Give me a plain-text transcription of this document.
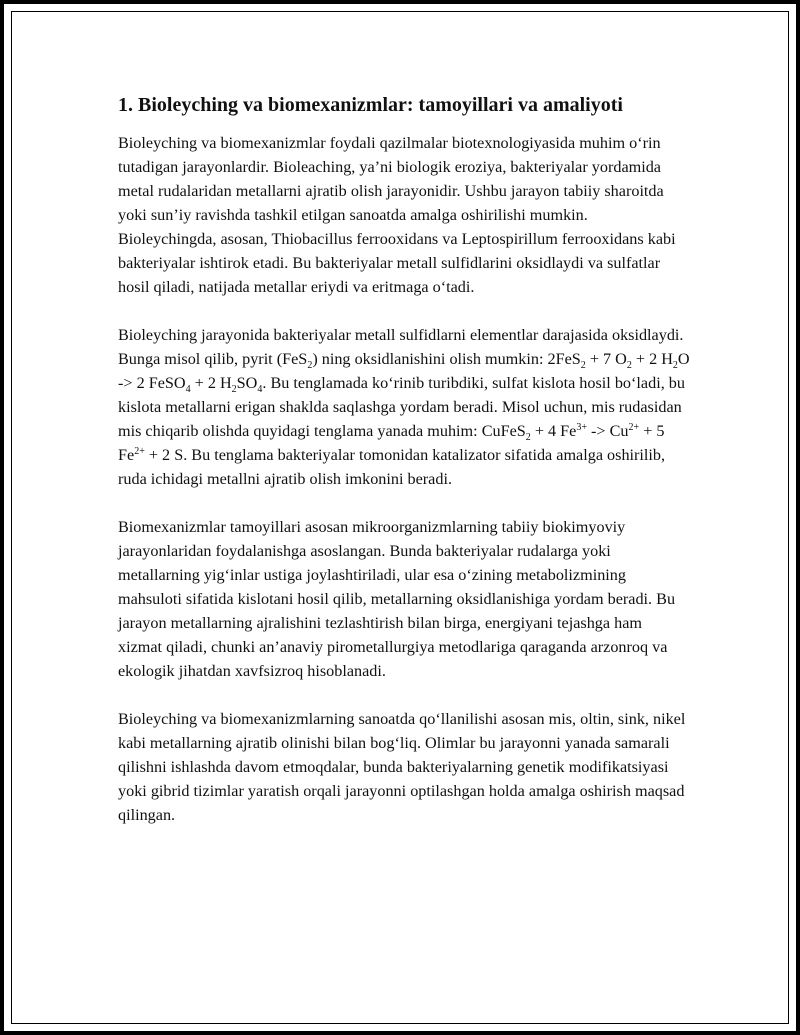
1. Bioleyching va biomexanizmlar: tamoyillari va amaliyoti

Bioleyching va biomexanizmlar foydali qazilmalar biotexnologiyasida muhim o‘rin tutadigan jarayonlardir. Bioleaching, ya’ni biologik eroziya, bakteriyalar yordamida metal rudalaridan metallarni ajratib olish jarayonidir. Ushbu jarayon tabiiy sharoitda yoki sun’iy ravishda tashkil etilgan sanoatda amalga oshirilishi mumkin. Bioleychingda, asosan, Thiobacillus ferrooxidans va Leptospirillum ferrooxidans kabi bakteriyalar ishtirok etadi. Bu bakteriyalar metall sulfidlarini oksidlaydi va sulfatlar hosil qiladi, natijada metallar eriydi va eritmaga o‘tadi.

Bioleyching jarayonida bakteriyalar metall sulfidlarni elementlar darajasida oksidlaydi. Bunga misol qilib, pyrit (FeS$_2$) ning oksidlanishini olish mumkin: 2FeS$_2$ + 7 $O_2 + 2$ $H_2O -> 2$ FeSO$_4$ + 2 $H_2SO_4$. Bu tenglamada ko‘rinib turibdiki, sulfat kislota hosil bo‘ladi, bu kislota metallarni erigan shaklda saqlashga yordam beradi. Misol uchun, mis rudasidan mis chiqarib olishda quyidagi tenglama yanada muhim: CuFeS$_2$ + 4 $Fe^{3+} -> Cu^{2+} + 5$ $Fe^{2+} + 2$ S. Bu tenglama bakteriyalar tomonidan katalizator sifatida amalga oshirilib, ruda ichidagi metallni ajratib olish imkonini beradi.

Biomexanizmlar tamoyillari asosan mikroorganizmlarning tabiiy biokimyoviy jarayonlaridan foydalanishga asoslangan. Bunda bakteriyalar rudalarga yoki metallarning yig‘inlar ustiga joylashtiriladi, ular esa o‘zining metabolizmining mahsuloti sifatida kislotani hosil qilib, metallarning oksidlanishiga yordam beradi. Bu jarayon metallarning ajralishini tezlashtirish bilan birga, energiyani tejashga ham xizmat qiladi, chunki an’anaviy pirometallurgiya metodlariga qaraganda arzonroq va ekologik jihatdan xavfsizroq hisoblanadi.

Bioleyching va biomexanizmlarning sanoatda qo‘llanilishi asosan mis, oltin, sink, nikel kabi metallarning ajratib olinishi bilan bog‘liq. Olimlar bu jarayonni yanada samarali qilishni ishlashda davom etmoqdalar, bunda bakteriyalarning genetik modifikatsiyasi yoki gibrid tizimlar yaratish orqali jarayonni optilashgan holda amalga oshirish maqsad qilingan.
